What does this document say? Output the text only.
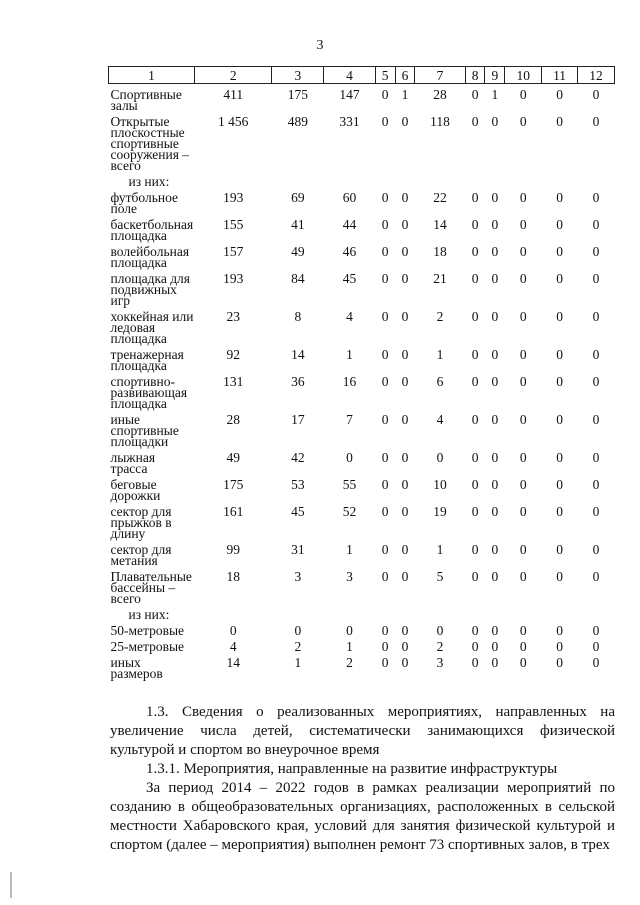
3
1	2	3	4	5	6	7	8	9	10	11	12
Спортивные залы	411	175	147	0	1	28	0	1	0	0	0
Открытые плоскостные спортивные сооружения – всего	1 456	489	331	0	0	118	0	0	0	0	0
из них:											
футбольное поле	193	69	60	0	0	22	0	0	0	0	0
баскетбольная площадка	155	41	44	0	0	14	0	0	0	0	0
волейбольная площадка	157	49	46	0	0	18	0	0	0	0	0
площадка для подвижных игр	193	84	45	0	0	21	0	0	0	0	0
хоккейная или ледовая площадка	23	8	4	0	0	2	0	0	0	0	0
тренажерная площадка	92	14	1	0	0	1	0	0	0	0	0
спортивно-развивающая площадка	131	36	16	0	0	6	0	0	0	0	0
иные спортивные площадки	28	17	7	0	0	4	0	0	0	0	0
лыжная трасса	49	42	0	0	0	0	0	0	0	0	0
беговые дорожки	175	53	55	0	0	10	0	0	0	0	0
сектор для прыжков в длину	161	45	52	0	0	19	0	0	0	0	0
сектор для метания	99	31	1	0	0	1	0	0	0	0	0
Плавательные бассейны – всего	18	3	3	0	0	5	0	0	0	0	0
из них:											
50-метровые	0	0	0	0	0	0	0	0	0	0	0
25-метровые	4	2	1	0	0	2	0	0	0	0	0
иных размеров	14	1	2	0	0	3	0	0	0	0	0

1.3. Сведения о реализованных мероприятиях, направленных на увеличение числа детей, систематически занимающихся физической культурой и спортом во внеурочное время

1.3.1. Мероприятия, направленные на развитие инфраструктуры

За период 2014 – 2022 годов в рамках реализации мероприятий по созданию в общеобразовательных организациях, расположенных в сельской местности Хабаровского края, условий для занятия физической культурой и спортом (далее – мероприятия) выполнен ремонт 73 спортивных залов, в трех
